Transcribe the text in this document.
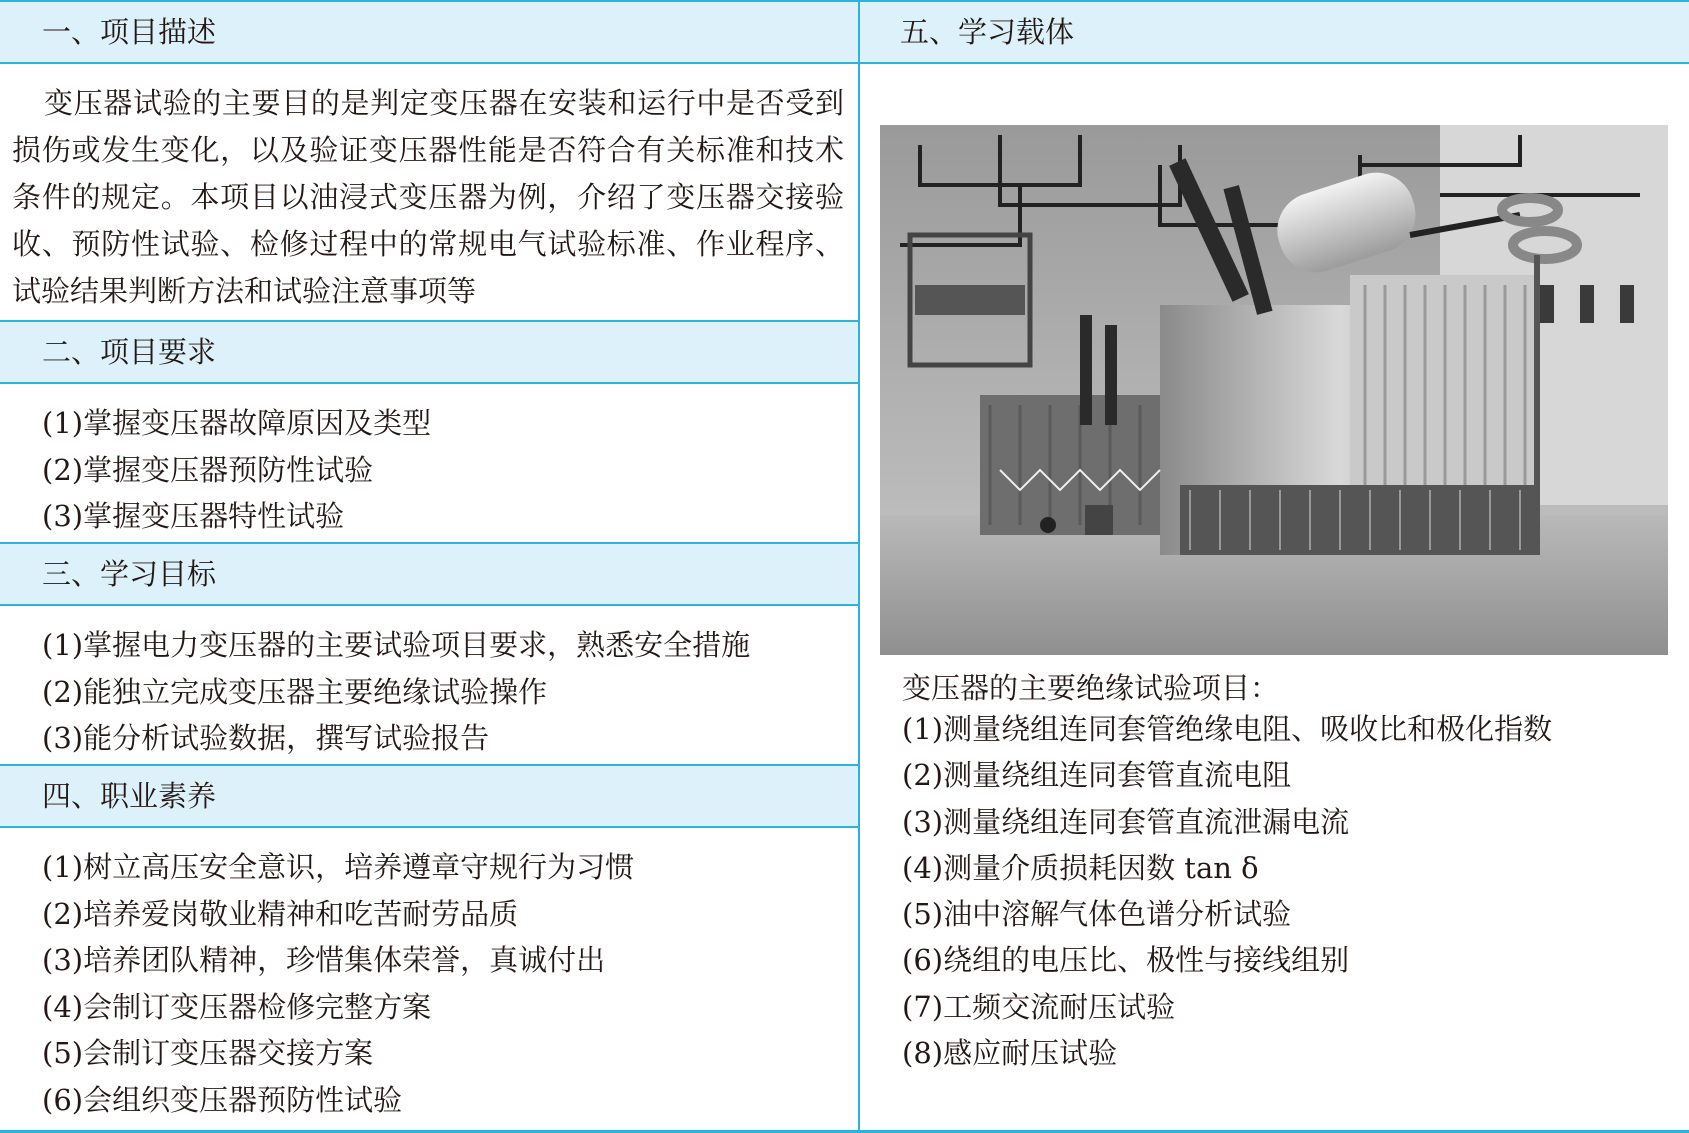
一、项目描述

变压器试验的主要目的是判定变压器在安装和运行中是否受到损伤或发生变化，以及验证变压器性能是否符合有关标准和技术条件的规定。本项目以油浸式变压器为例，介绍了变压器交接验收、预防性试验、检修过程中的常规电气试验标准、作业程序、试验结果判断方法和试验注意事项等

二、项目要求
(1)掌握变压器故障原因及类型
(2)掌握变压器预防性试验
(3)掌握变压器特性试验
三、学习目标
(1)掌握电力变压器的主要试验项目要求，熟悉安全措施
(2)能独立完成变压器主要绝缘试验操作
(3)能分析试验数据，撰写试验报告
四、职业素养
(1)树立高压安全意识，培养遵章守规行为习惯
(2)培养爱岗敬业精神和吃苦耐劳品质
(3)培养团队精神，珍惜集体荣誉，真诚付出
(4)会制订变压器检修完整方案
(5)会制订变压器交接方案
(6)会组织变压器预防性试验
五、学习载体
变压器的主要绝缘试验项目：
(1)测量绕组连同套管绝缘电阻、吸收比和极化指数
(2)测量绕组连同套管直流电阻
(3)测量绕组连同套管直流泄漏电流
(4)测量介质损耗因数 tan δ
(5)油中溶解气体色谱分析试验
(6)绕组的电压比、极性与接线组别
(7)工频交流耐压试验
(8)感应耐压试验
